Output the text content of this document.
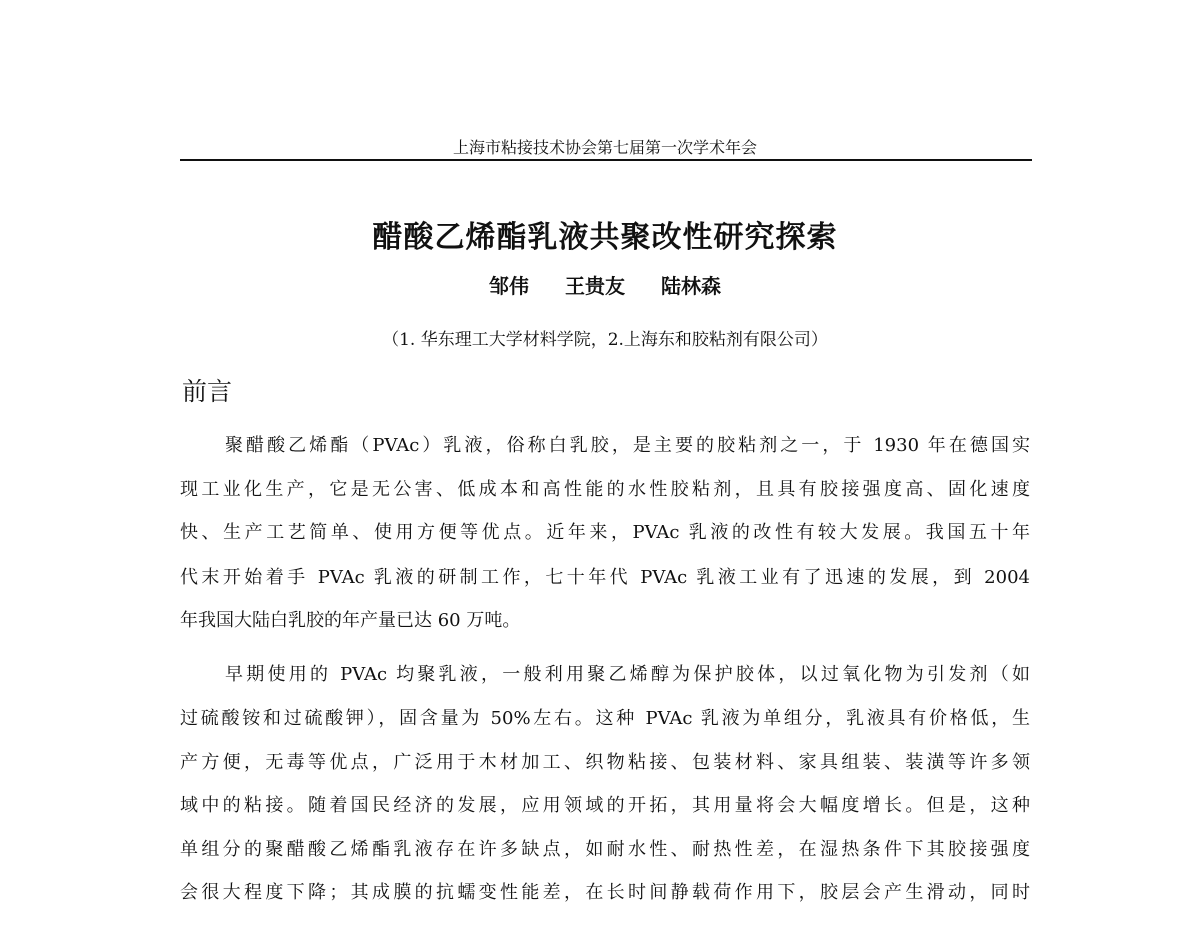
上海市粘接技术协会第七届第一次学术年会
醋酸乙烯酯乳液共聚改性研究探索
邹伟 王贵友 陆林森
（1. 华东理工大学材料学院，2.上海东和胶粘剂有限公司）
前言
聚醋酸乙烯酯（PVAc）乳液，俗称白乳胶，是主要的胶粘剂之一，于 1930 年在德国实
现工业化生产，它是无公害、低成本和高性能的水性胶粘剂，且具有胶接强度高、固化速度
快、生产工艺简单、使用方便等优点。近年来，PVAc 乳液的改性有较大发展。我国五十年
代末开始着手 PVAc 乳液的研制工作，七十年代 PVAc 乳液工业有了迅速的发展，到 2004
年我国大陆白乳胶的年产量已达 60 万吨。
早期使用的 PVAc 均聚乳液，一般利用聚乙烯醇为保护胶体，以过氧化物为引发剂（如
过硫酸铵和过硫酸钾），固含量为 50%左右。这种 PVAc 乳液为单组分，乳液具有价格低，生
产方便，无毒等优点，广泛用于木材加工、织物粘接、包装材料、家具组装、装潢等许多领
域中的粘接。随着国民经济的发展，应用领域的开拓，其用量将会大幅度增长。但是，这种
单组分的聚醋酸乙烯酯乳液存在许多缺点，如耐水性、耐热性差，在湿热条件下其胶接强度
会很大程度下降；其成膜的抗蠕变性能差，在长时间静载荷作用下，胶层会产生滑动，同时
